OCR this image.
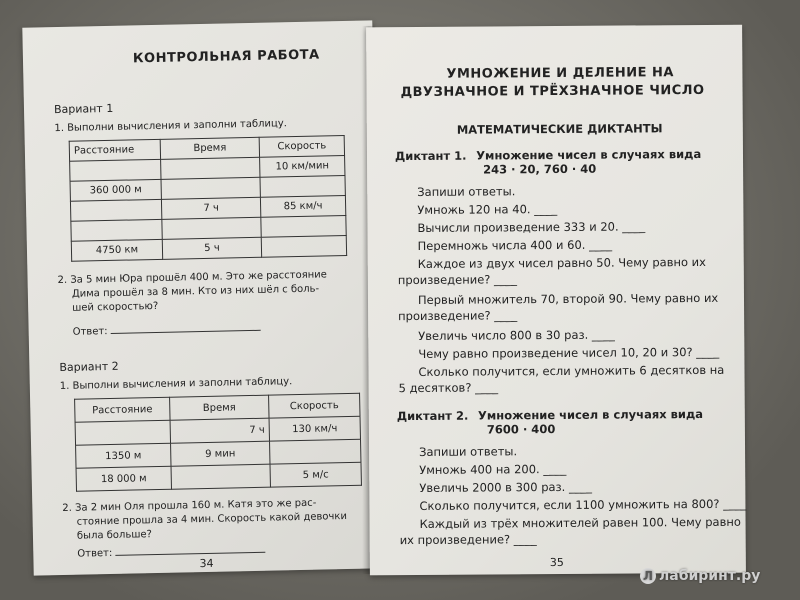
КОНТРОЛЬНАЯ РАБОТА
Вариант 1
1. Выполни вычисления и заполни таблицу.
Расстояние	Время	Скорость
		10 км/мин
360 000 м		
	7 ч	85 км/ч

4750 км	5 ч	
2. За 5 мин Юра прошёл 400 м. Это же расстояние
Дима прошёл за 8 мин. Кто из них шёл с боль-
шей скоростью?
Ответ:
Вариант 2
1. Выполни вычисления и заполни таблицу.
Расстояние	Время	Скорость
	7 ч	130 км/ч
1350 м	9 мин	
18 000 м		5 м/с
2. За 2 мин Оля прошла 160 м. Катя это же рас-
стояние прошла за 4 мин. Скорость какой девочки
была больше?
Ответ:
34
УМНОЖЕНИЕ И ДЕЛЕНИЕ НА
ДВУЗНАЧНОЕ И ТРЁХЗНАЧНОЕ ЧИСЛО
МАТЕМАТИЧЕСКИЕ ДИКТАНТЫ
Диктант 1. Умножение чисел в случаях вида
243 · 20, 760 · 40
Запиши ответы.
Умножь 120 на 40. ____
Вычисли произведение 333 и 20. ____
Перемножь числа 400 и 60. ____
Каждое из двух чисел равно 50. Чему равно их
произведение? ____
Первый множитель 70, второй 90. Чему равно их
произведение? ____
Увеличь число 800 в 30 раз. ____
Чему равно произведение чисел 10, 20 и 30? ____
Сколько получится, если умножить 6 десятков на
5 десятков? ____
Диктант 2. Умножение чисел в случаях вида
7600 · 400
Запиши ответы.
Умножь 400 на 200. ____
Увеличь 2000 в 300 раз. ____
Сколько получится, если 1100 умножить на 800? ____
Каждый из трёх множителей равен 100. Чему равно
их произведение? ____
35
Л лабиринт.ру
